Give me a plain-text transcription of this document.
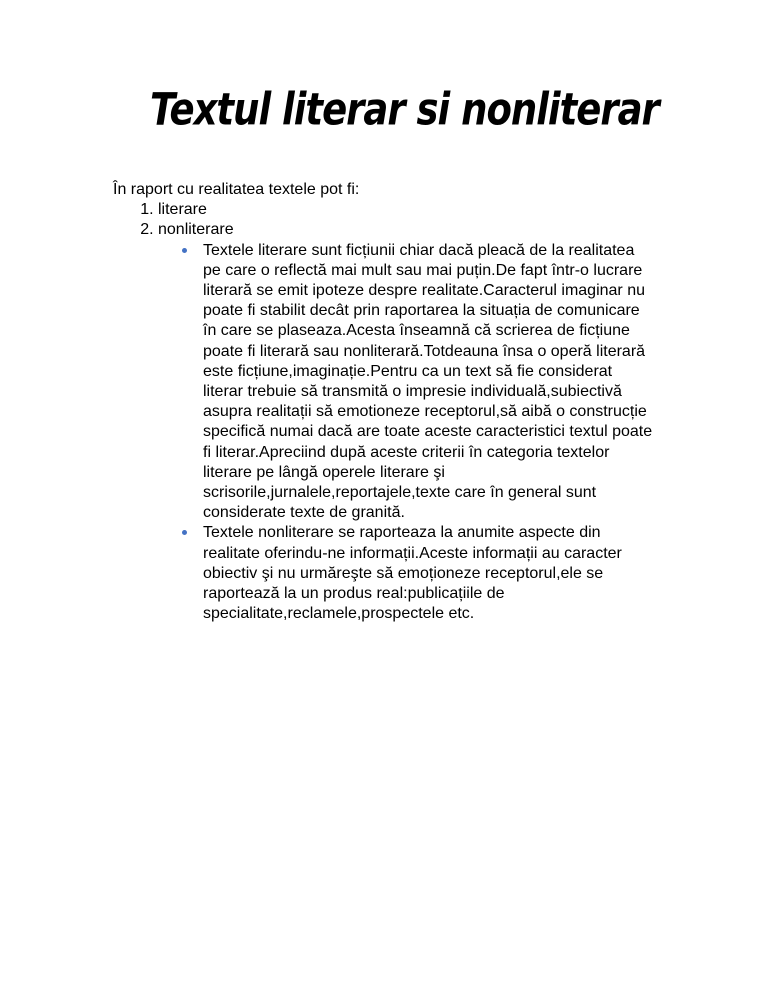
Textul literar si nonliterar

În raport cu realitatea textele pot fi:

1. literare
2. nonliterare
Textele literare sunt ficțiunii chiar dacă pleacă de la realitatea pe care o reflectă mai mult sau mai puțin.De fapt într-o lucrare literară se emit ipoteze despre realitate.Caracterul imaginar nu poate fi stabilit decât prin raportarea la situația de comunicare în care se plaseaza.Acesta înseamnă că scrierea de ficțiune poate fi literară sau nonliterară.Totdeauna însa o operă literară este ficțiune,imaginație.Pentru ca un text să fie considerat literar trebuie să transmită o impresie individuală,subiectivă asupra realitații să emotioneze receptorul,să aibă o construcție specifică numai dacă are toate aceste caracteristici textul poate fi literar.Apreciind după aceste criterii în categoria textelor literare pe lângă operele literare şi scrisorile,jurnalele,reportajele,texte care în general sunt considerate texte de granită.
Textele nonliterare se raporteaza la anumite aspecte din realitate oferindu-ne informații.Aceste informații au caracter obiectiv şi nu urmăreşte să emoționeze receptorul,ele se raportează la un produs real:publicațiile de specialitate,reclamele,prospectele etc.
